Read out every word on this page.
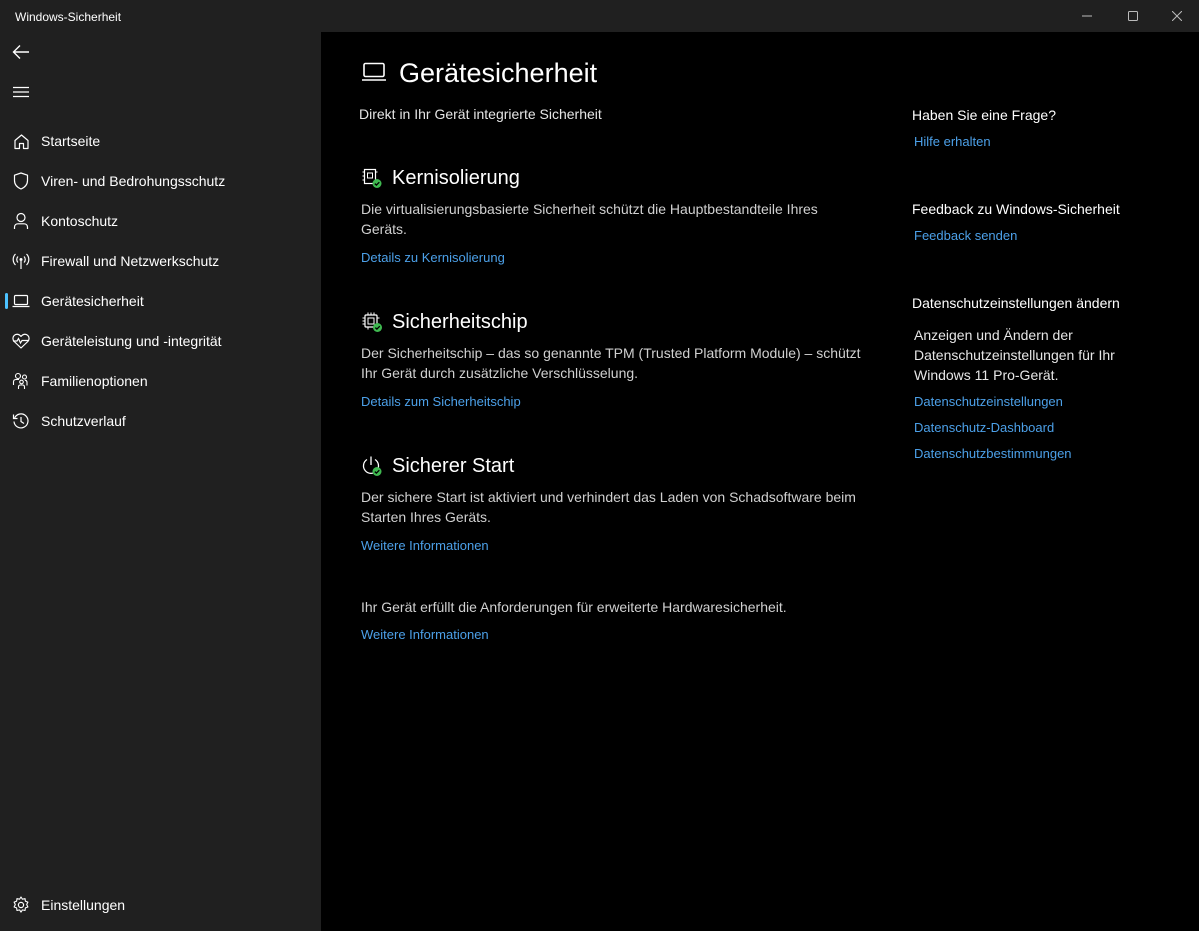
Windows-Sicherheit
Startseite
Viren- und Bedrohungsschutz
Kontoschutz
Firewall und Netzwerkschutz
Gerätesicherheit
Geräteleistung und -integrität
Familienoptionen
Schutzverlauf
Einstellungen
Gerätesicherheit
Direkt in Ihr Gerät integrierte Sicherheit
Kernisolierung
Die virtualisierungsbasierte Sicherheit schützt die Hauptbestandteile Ihres Geräts.
Details zu Kernisolierung
Sicherheitschip
Der Sicherheitschip – das so genannte TPM (Trusted Platform Module) – schützt Ihr Gerät durch zusätzliche Verschlüsselung.
Details zum Sicherheitschip
Sicherer Start
Der sichere Start ist aktiviert und verhindert das Laden von Schadsoftware beim Starten Ihres Geräts.
Weitere Informationen
Ihr Gerät erfüllt die Anforderungen für erweiterte Hardwaresicherheit.
Weitere Informationen
Haben Sie eine Frage?
Hilfe erhalten
Feedback zu Windows-Sicherheit
Feedback senden
Datenschutzeinstellungen ändern
Anzeigen und Ändern der Datenschutzeinstellungen für Ihr Windows 11 Pro-Gerät.
Datenschutzeinstellungen
Datenschutz-Dashboard
Datenschutzbestimmungen
